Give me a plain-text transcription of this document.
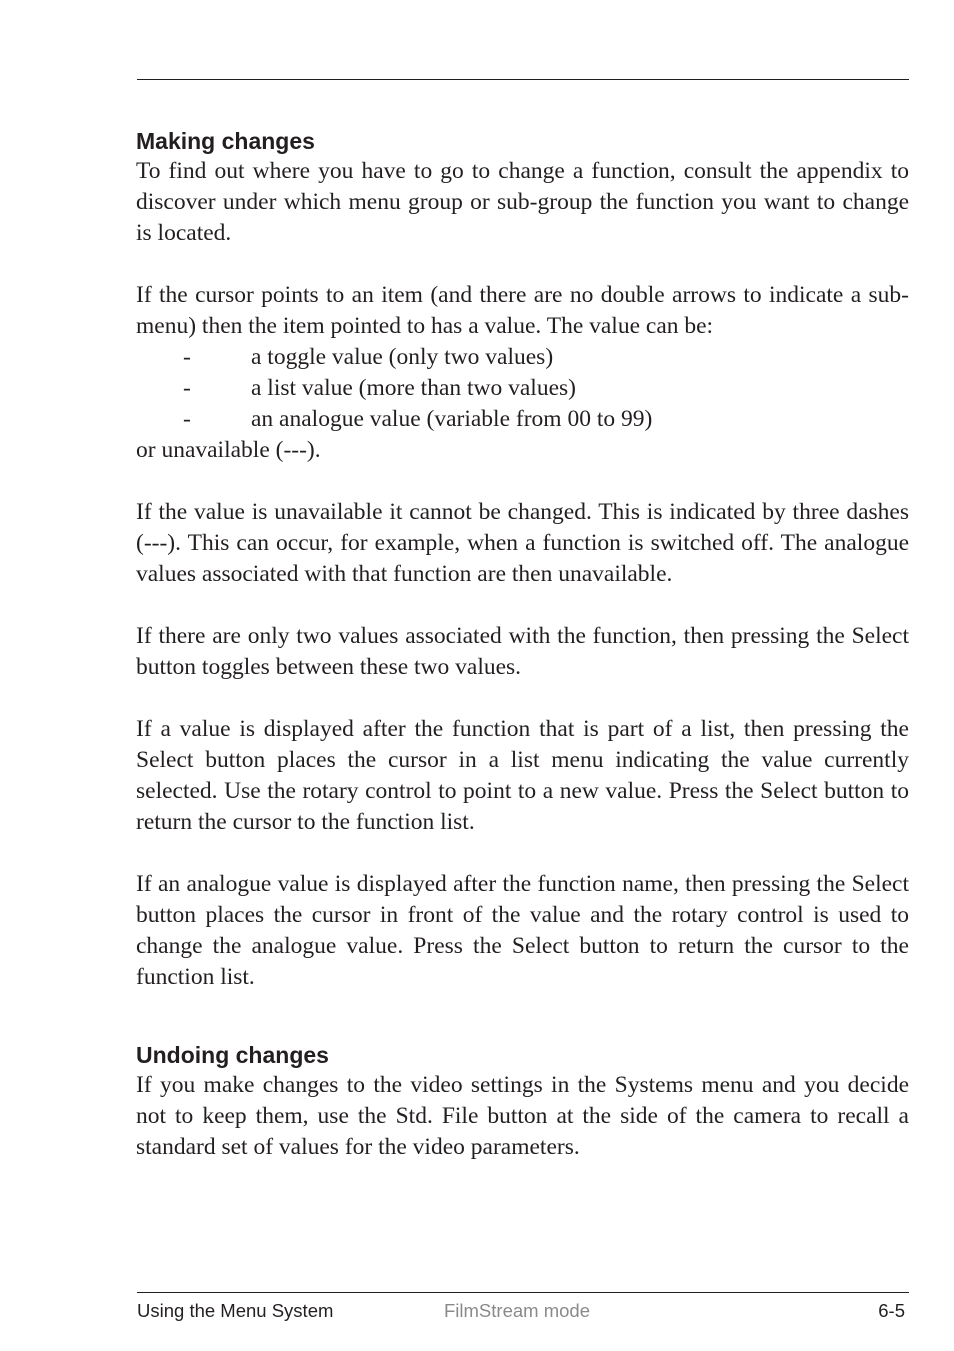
Making changes

To find out where you have to go to change a function, consult the appendix to discover under which menu group or sub-group the function you want to change is located.

If the cursor points to an item (and there are no double arrows to indicate a sub-menu) then the item pointed to has a value. The value can be:

-	a toggle value (only two values)
-	a list value (more than two values)
-	an analogue value (variable from 00 to 99)

or unavailable (---).

If the value is unavailable it cannot be changed. This is indicated by three dashes (---). This can occur, for example, when a function is switched off. The analogue values associated with that function are then unavailable.

If there are only two values associated with the function, then pressing the Select button toggles between these two values.

If a value is displayed after the function that is part of a list, then pressing the Select button places the cursor in a list menu indicating the value currently selected. Use the rotary control to point to a new value. Press the Select button to return the cursor to the function list.

If an analogue value is displayed after the function name, then pressing the Select button places the cursor in front of the value and the rotary control is used to change the analogue value. Press the Select button to return the cursor to the function list.

Undoing changes

If you make changes to the video settings in the Systems menu and you decide not to keep them, use the Std. File button at the side of the camera to recall a standard set of values for the video parameters.

Using the Menu System	FilmStream mode	6-5
